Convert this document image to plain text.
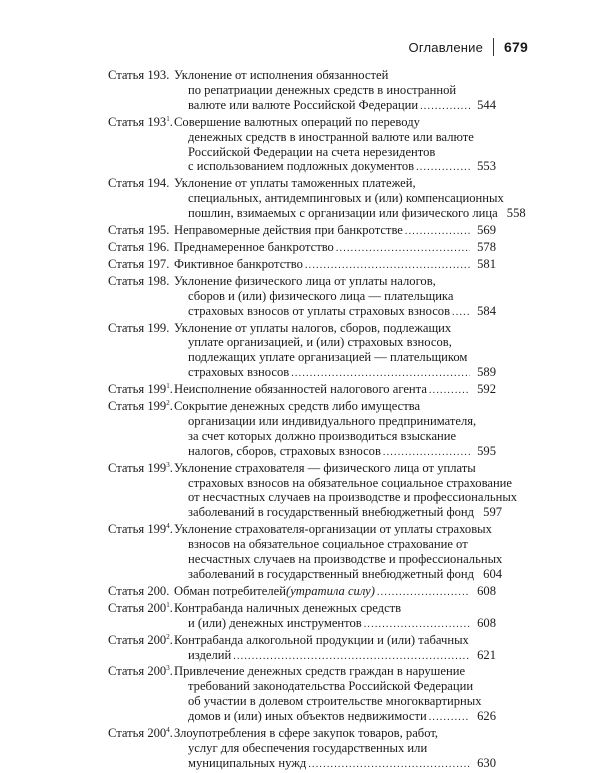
Оглавление 679
Статья 193. Уклонение от исполнения обязанностей
по репатриации денежных средств в иностранной
валюте или валюте Российской Федерации .....	544
Статья $193^1$. Совершение валютных операций по переводу
денежных средств в иностранной валюте или валюте
Российской Федерации на счета нерезидентов
с использованием подложных документов .....	553
Статья 194. Уклонение от уплаты таможенных платежей,
специальных, антидемпинговых и (или) компенсационных
пошлин, взимаемых с организации или физического лица 558
Статья 195. Неправомерные действия при банкротстве .....	569
Статья 196. Преднамеренное банкротство .....	578
Статья 197. Фиктивное банкротство .....	581
Статья 198. Уклонение физического лица от уплаты налогов,
сборов и (или) физического лица — плательщика
страховых взносов от уплаты страховых взносов .....	584
Статья 199. Уклонение от уплаты налогов, сборов, подлежащих
уплате организацией, и (или) страховых взносов,
подлежащих уплате организацией — плательщиком
страховых взносов .....	589
Статья $199^1$. Неисполнение обязанностей налогового агента .....	592
Статья $199^2$. Сокрытие денежных средств либо имущества
организации или индивидуального предпринимателя,
за счет которых должно производиться взыскание
налогов, сборов, страховых взносов .....	595
Статья $199^3$. Уклонение страхователя — физического лица от уплаты
страховых взносов на обязательное социальное страхование
от несчастных случаев на производстве и профессиональных
заболеваний в государственный внебюджетный фонд 597
Статья $199^4$. Уклонение страхователя-организации от уплаты страховых
взносов на обязательное социальное страхование от
несчастных случаев на производстве и профессиональных
заболеваний в государственный внебюджетный фонд 604
Статья 200. Обман потребителей (утратила силу) .....	608
Статья $200^1$. Контрабанда наличных денежных средств
и (или) денежных инструментов .....	608
Статья $200^2$. Контрабанда алкогольной продукции и (или) табачных
изделий .....	621
Статья $200^3$. Привлечение денежных средств граждан в нарушение
требований законодательства Российской Федерации
об участии в долевом строительстве многоквартирных
домов и (или) иных объектов недвижимости .....	626
Статья $200^4$. Злоупотребления в сфере закупок товаров, работ,
услуг для обеспечения государственных или
муниципальных нужд .....	630
